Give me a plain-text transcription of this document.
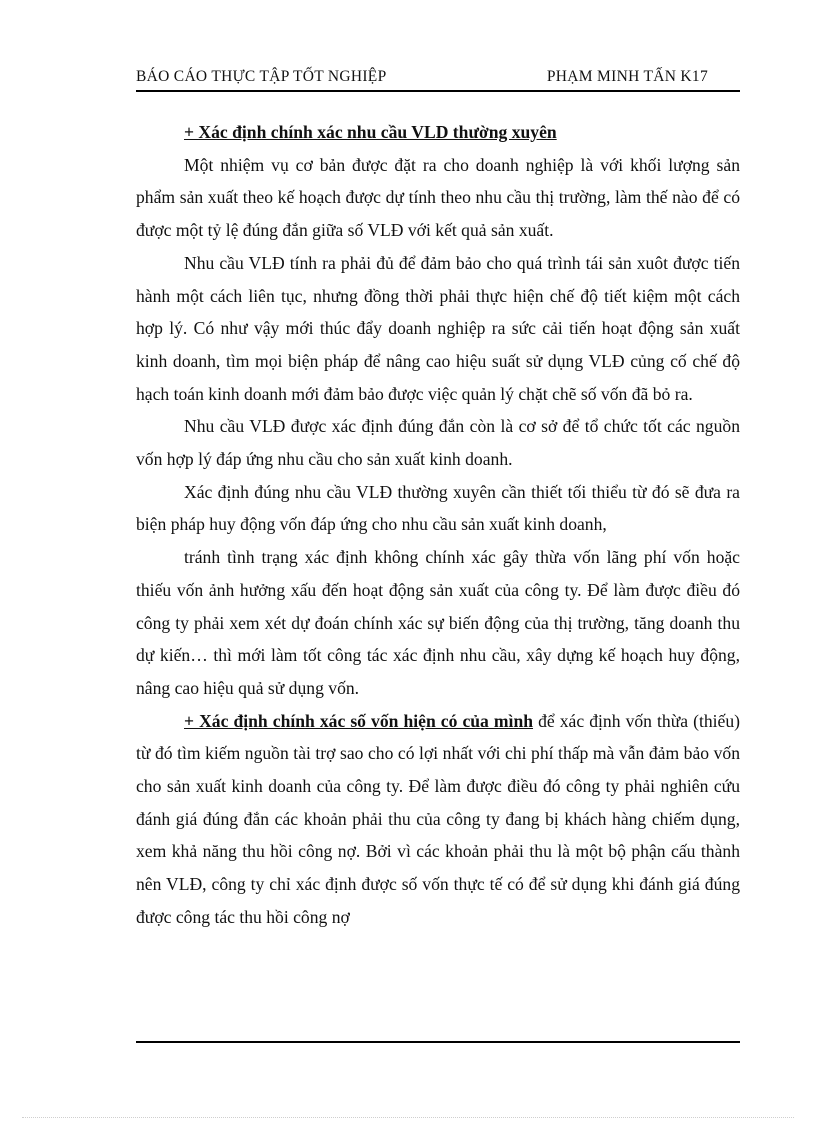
BÁO CÁO THỰC TẬP TỐT NGHIỆP	PHẠM MINH TẤN K17

+ Xác định chính xác nhu cầu VLD thường xuyên

Một nhiệm vụ cơ bản được đặt ra cho doanh nghiệp là với khối lượng sản phẩm sản xuất theo kế hoạch được dự tính theo nhu cầu thị trường, làm thế nào để có được một tỷ lệ đúng đắn giữa số VLĐ với kết quả sản xuất.

Nhu cầu VLĐ tính ra phải đủ để đảm bảo cho quá trình tái sản xuôt được tiến hành một cách liên tục, nhưng đồng thời phải thực hiện chế độ tiết kiệm một cách hợp lý. Có như vậy mới thúc đẩy doanh nghiệp ra sức cải tiến hoạt động sản xuất kinh doanh, tìm mọi biện pháp để nâng cao hiệu suất sử dụng VLĐ củng cố chế độ hạch toán kinh doanh mới đảm bảo được việc quản lý chặt chẽ số vốn đã bỏ ra.

Nhu cầu VLĐ được xác định đúng đắn còn là cơ sở để tổ chức tốt các nguồn vốn hợp lý đáp ứng nhu cầu cho sản xuất kinh doanh.

Xác định đúng nhu cầu VLĐ thường xuyên cần thiết tối thiểu từ đó sẽ đưa ra biện pháp huy động vốn đáp ứng cho nhu cầu sản xuất kinh doanh,

tránh tình trạng xác định không chính xác gây thừa vốn lãng phí vốn hoặc thiếu vốn ảnh hưởng xấu đến hoạt động sản xuất của công ty. Để làm được điều đó công ty phải xem xét dự đoán chính xác sự biến động của thị trường, tăng doanh thu dự kiến… thì mới làm tốt công tác xác định nhu cầu, xây dựng kế hoạch huy động, nâng cao hiệu quả sử dụng vốn.

+ Xác định chính xác số vốn hiện có của mình để xác định vốn thừa (thiếu) từ đó tìm kiếm nguồn tài trợ sao cho có lợi nhất với chi phí thấp mà vẫn đảm bảo vốn cho sản xuất kinh doanh của công ty. Để làm được điều đó công ty phải nghiên cứu đánh giá đúng đắn các khoản phải thu của công ty đang bị khách hàng chiếm dụng, xem khả năng thu hồi công nợ. Bởi vì các khoản phải thu là một bộ phận cấu thành nên VLĐ, công ty chỉ xác định được số vốn thực tế có để sử dụng khi đánh giá đúng được công tác thu hồi công nợ
